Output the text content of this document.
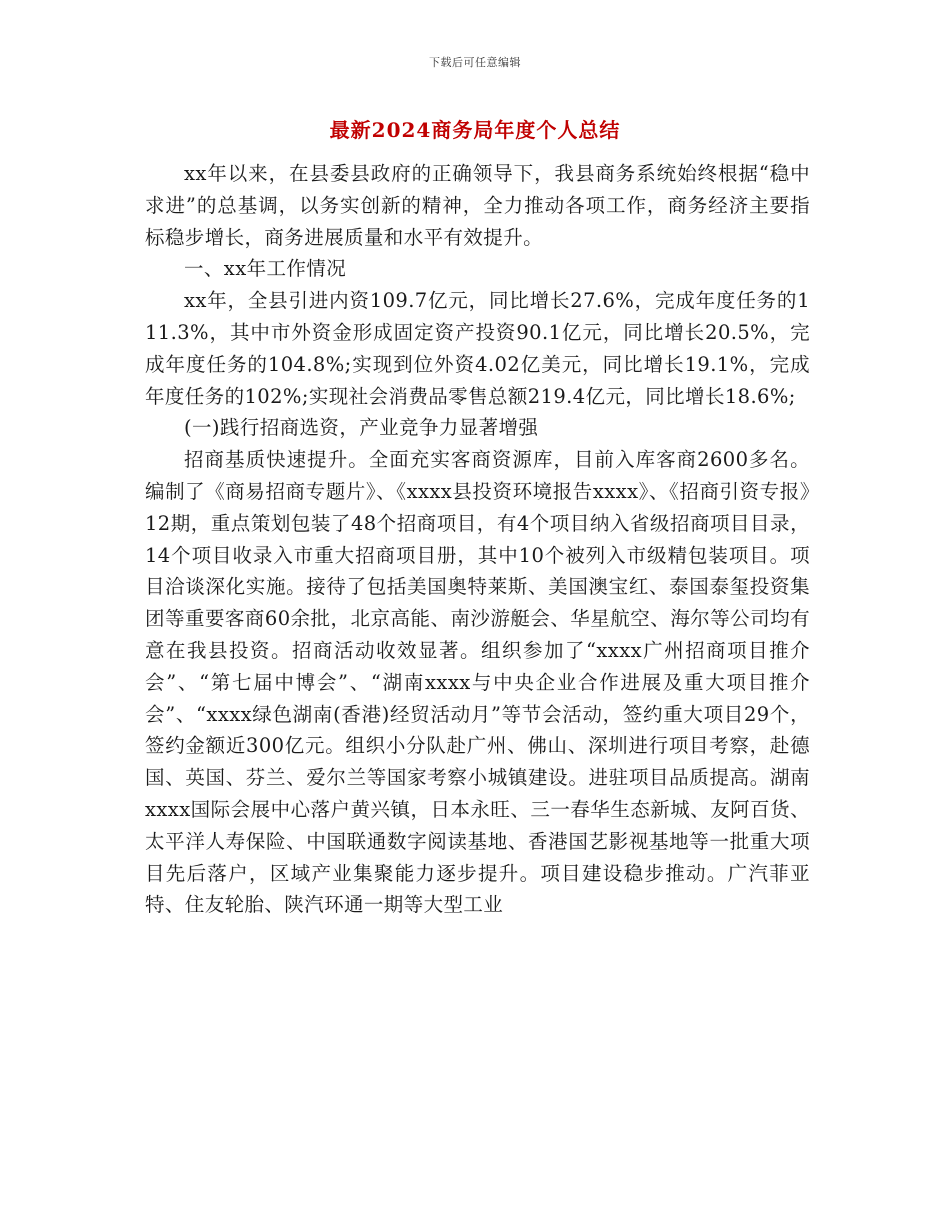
下载后可任意编辑
最新2024商务局年度个人总结

xx年以来，在县委县政府的正确领导下，我县商务系统始终根据“稳中求进”的总基调，以务实创新的精神，全力推动各项工作，商务经济主要指标稳步增长，商务进展质量和水平有效提升。

一、xx年工作情况

xx年，全县引进内资109.7亿元，同比增长27.6%，完成年度任务的111.3%，其中市外资金形成固定资产投资90.1亿元，同比增长20.5%，完成年度任务的104.8%;实现到位外资4.02亿美元，同比增长19.1%，完成年度任务的102%;实现社会消费品零售总额219.4亿元，同比增长18.6%;

(一)践行招商选资，产业竞争力显著增强

招商基质快速提升。全面充实客商资源库，目前入库客商2600多名。编制了《商易招商专题片》、《xxxx县投资环境报告xxxx》、《招商引资专报》12期，重点策划包装了48个招商项目，有4个项目纳入省级招商项目目录，14个项目收录入市重大招商项目册，其中10个被列入市级精包装项目。项目洽谈深化实施。接待了包括美国奥特莱斯、美国澳宝红、泰国泰玺投资集团等重要客商60余批，北京高能、南沙游艇会、华星航空、海尔等公司均有意在我县投资。招商活动收效显著。组织参加了“xxxx广州招商项目推介会”、“第七届中博会”、“湖南xxxx与中央企业合作进展及重大项目推介会”、“xxxx绿色湖南(香港)经贸活动月”等节会活动，签约重大项目29个，签约金额近300亿元。组织小分队赴广州、佛山、深圳进行项目考察，赴德国、英国、芬兰、爱尔兰等国家考察小城镇建设。进驻项目品质提高。湖南xxxx国际会展中心落户黄兴镇，日本永旺、三一春华生态新城、友阿百货、太平洋人寿保险、中国联通数字阅读基地、香港国艺影视基地等一批重大项目先后落户，区域产业集聚能力逐步提升。项目建设稳步推动。广汽菲亚特、住友轮胎、陕汽环通一期等大型工业
